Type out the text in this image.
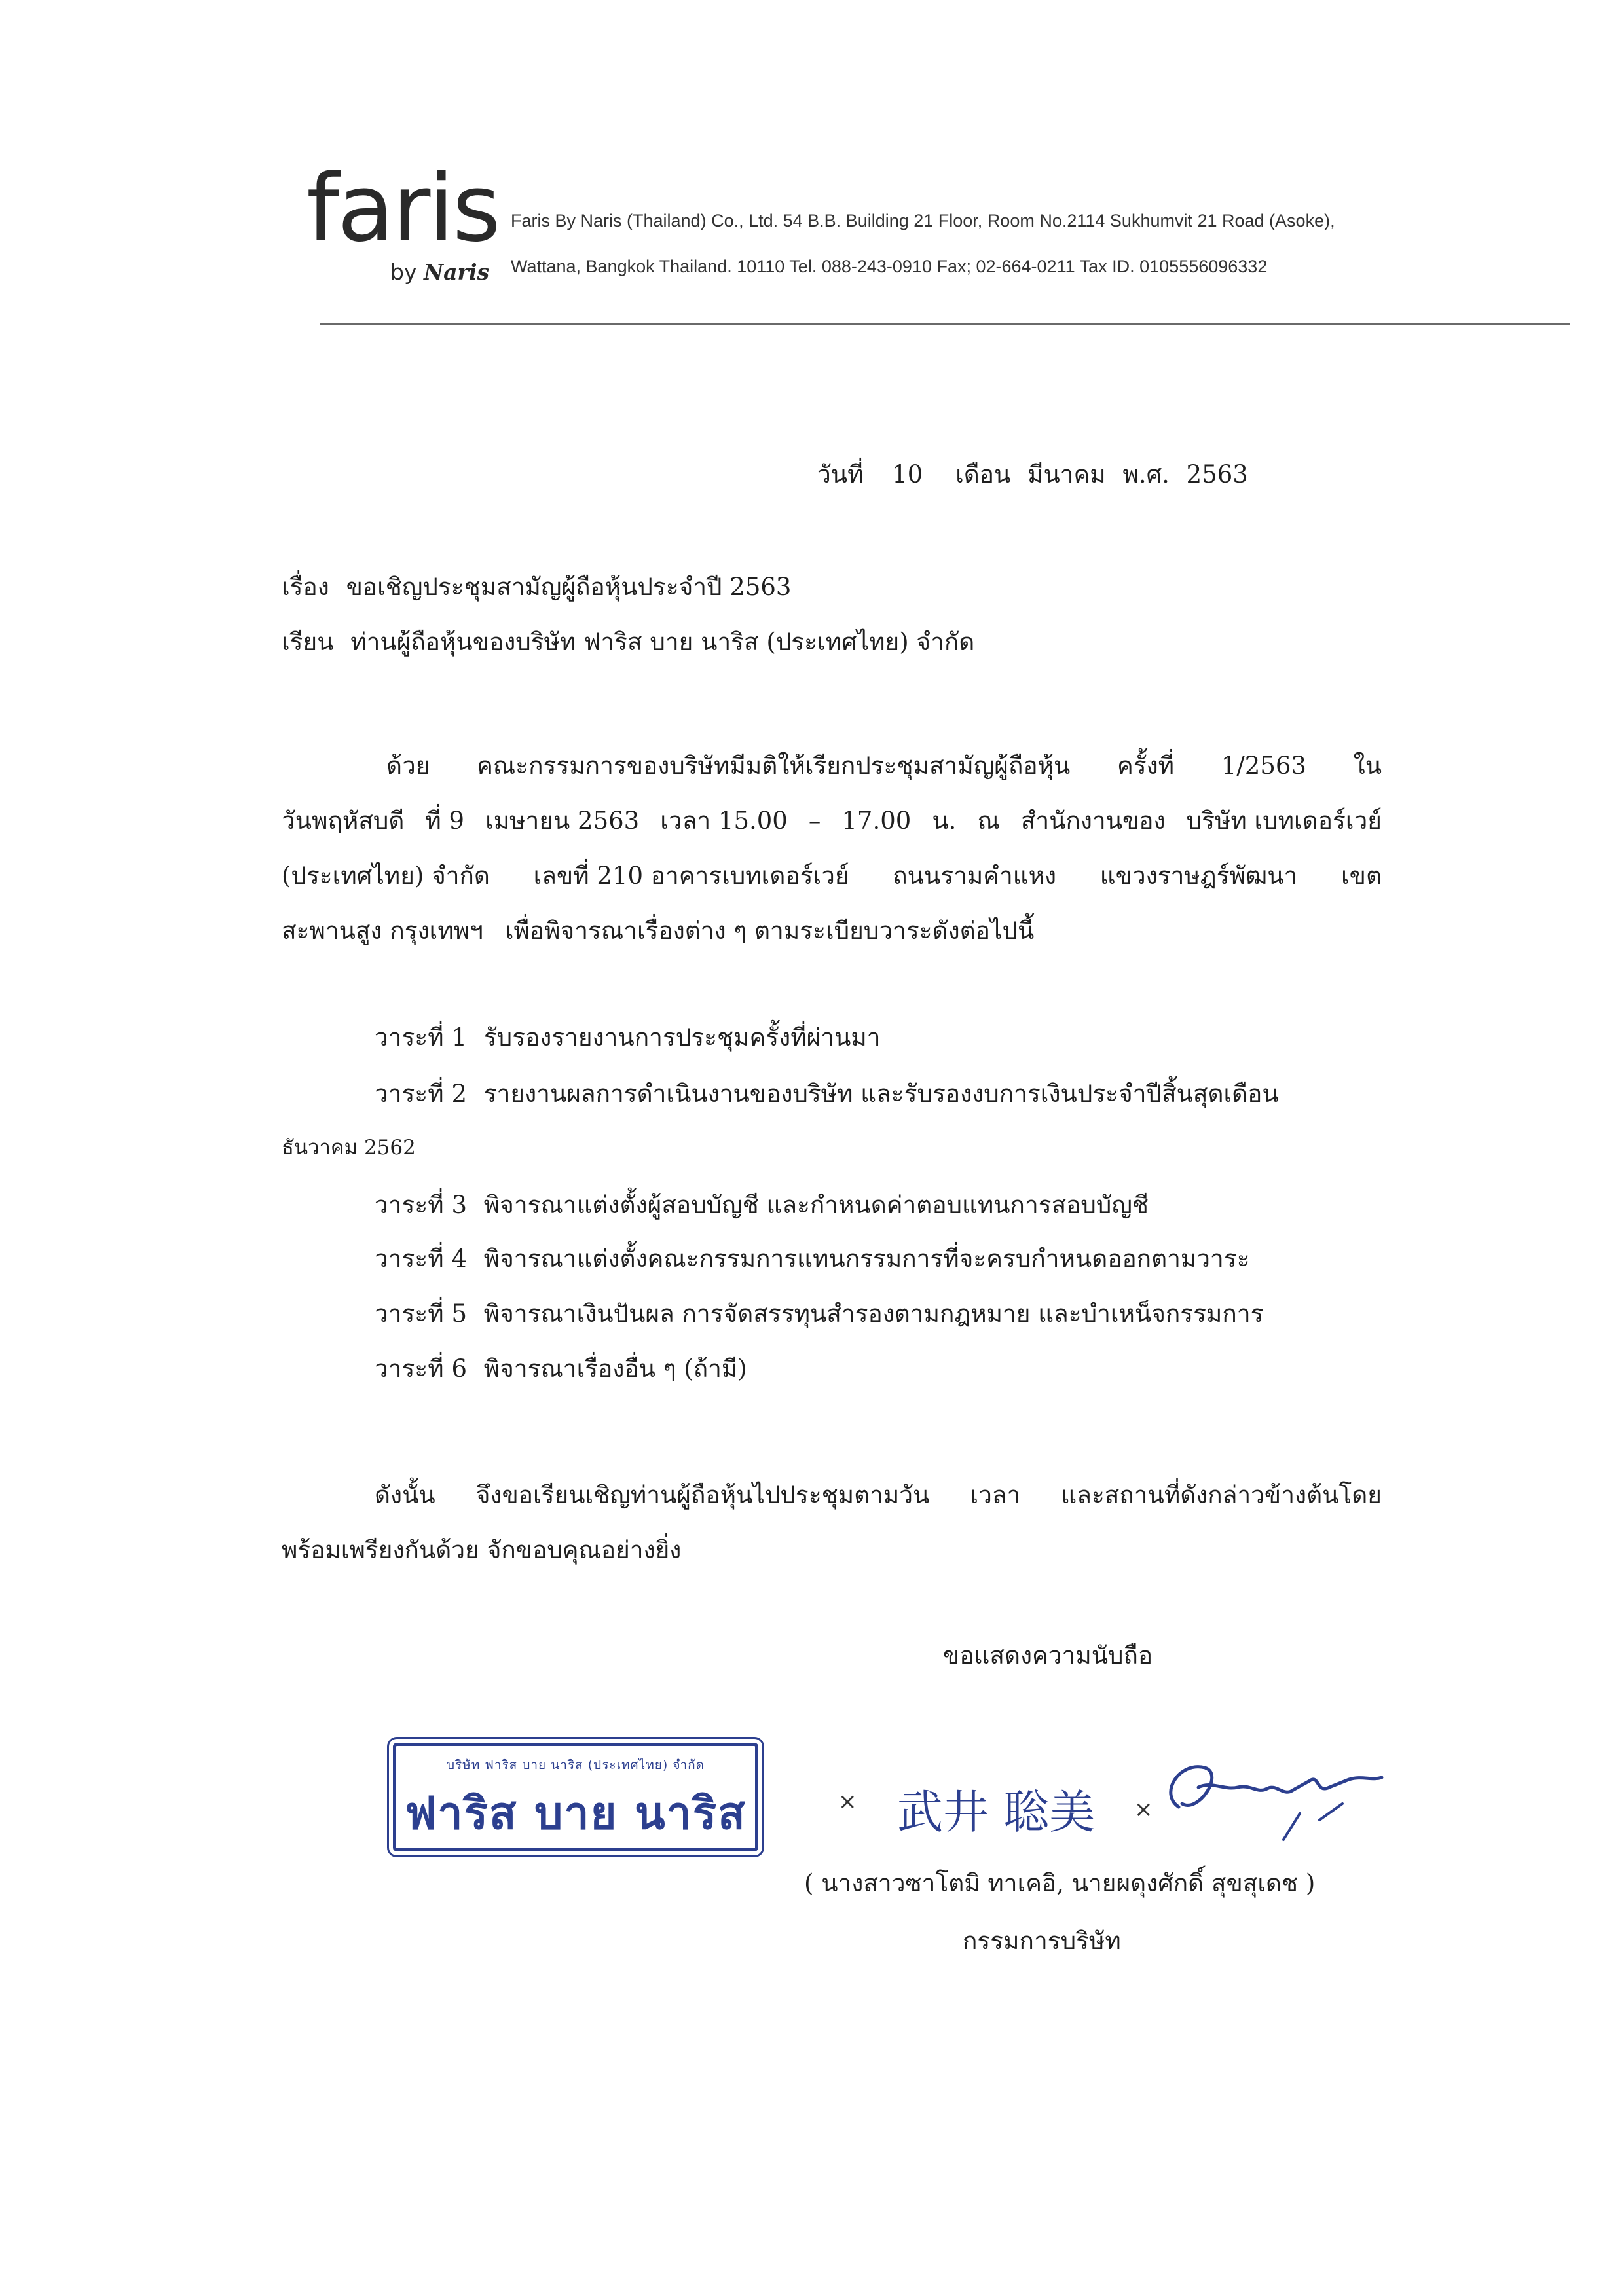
faris
by Naris
Faris By Naris (Thailand) Co., Ltd. 54 B.B. Building 21 Floor, Room No.2114 Sukhumvit 21 Road (Asoke),
Wattana, Bangkok Thailand. 10110 Tel. 088-243-0910 Fax; 02-664-0211 Tax ID. 0105556096332
วันที่ 10 เดือน มีนาคม พ.ศ. 2563
เรื่อง ขอเชิญประชุมสามัญผู้ถือหุ้นประจำปี 2563
เรียน ท่านผู้ถือหุ้นของบริษัท ฟาริส บาย นาริส (ประเทศไทย) จำกัด
ด้วย คณะกรรมการของบริษัทมีมติให้เรียกประชุมสามัญผู้ถือหุ้น ครั้งที่ 1/2563 ใน
วันพฤหัสบดี ที่ 9 เมษายน 2563 เวลา 15.00 – 17.00 น. ณ สำนักงานของ บริษัท เบทเดอร์เวย์
(ประเทศไทย) จำกัด เลขที่ 210 อาคารเบทเดอร์เวย์ ถนนรามคำแหง แขวงราษฎร์พัฒนา เขต
สะพานสูง กรุงเทพฯ เพื่อพิจารณาเรื่องต่าง ๆ ตามระเบียบวาระดังต่อไปนี้
วาระที่ 1 รับรองรายงานการประชุมครั้งที่ผ่านมา
วาระที่ 2 รายงานผลการดำเนินงานของบริษัท และรับรองงบการเงินประจำปีสิ้นสุดเดือน
ธันวาคม 2562
วาระที่ 3 พิจารณาแต่งตั้งผู้สอบบัญชี และกำหนดค่าตอบแทนการสอบบัญชี
วาระที่ 4 พิจารณาแต่งตั้งคณะกรรมการแทนกรรมการที่จะครบกำหนดออกตามวาระ
วาระที่ 5 พิจารณาเงินปันผล การจัดสรรทุนสำรองตามกฎหมาย และบำเหน็จกรรมการ
วาระที่ 6 พิจารณาเรื่องอื่น ๆ (ถ้ามี)
ดังนั้น จึงขอเรียนเชิญท่านผู้ถือหุ้นไปประชุมตามวัน เวลา และสถานที่ดังกล่าวข้างต้นโดย
พร้อมเพรียงกันด้วย จักขอบคุณอย่างยิ่ง
ขอแสดงความนับถือ
บริษัท ฟาริส บาย นาริส (ประเทศไทย) จำกัด
ฟาริส บาย นาริส	× 武井 聡美 ×
( นางสาวซาโตมิ ทาเคอิ, นายผดุงศักดิ์ สุขสุเดช )
กรรมการบริษัท
